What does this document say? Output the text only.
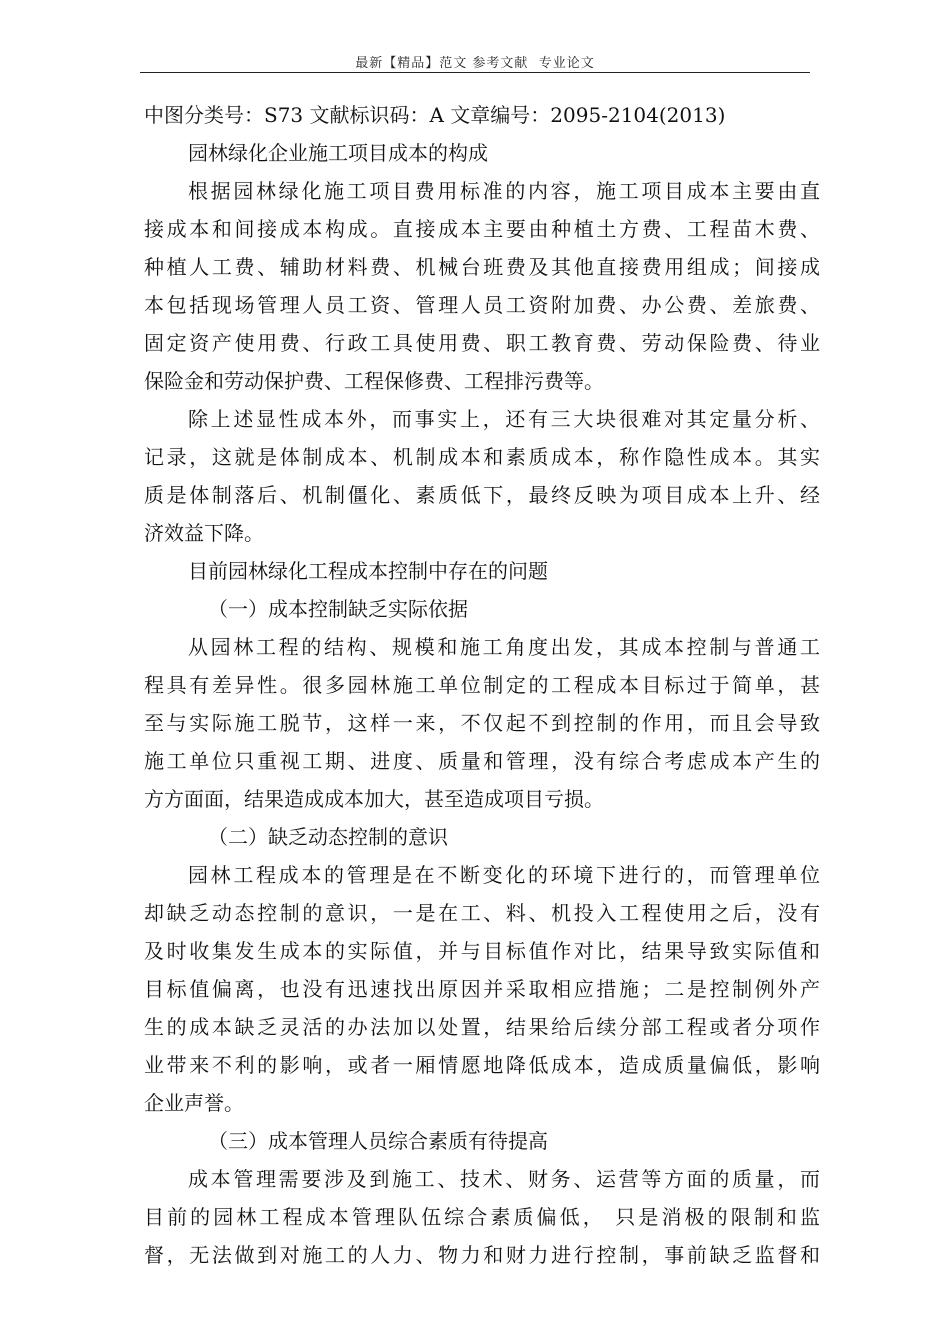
最新【精品】范文 参考文献  专业论文
中图分类号：S73 文献标识码：A 文章编号：2095-2104(2013)
园林绿化企业施工项目成本的构成
根据园林绿化施工项目费用标准的内容，施工项目成本主要由直
接成本和间接成本构成。直接成本主要由种植土方费、工程苗木费、
种植人工费、辅助材料费、机械台班费及其他直接费用组成；间接成
本包括现场管理人员工资、管理人员工资附加费、办公费、差旅费、
固定资产使用费、行政工具使用费、职工教育费、劳动保险费、待业
保险金和劳动保护费、工程保修费、工程排污费等。
除上述显性成本外，而事实上，还有三大块很难对其定量分析、
记录，这就是体制成本、机制成本和素质成本，称作隐性成本。其实
质是体制落后、机制僵化、素质低下，最终反映为项目成本上升、经
济效益下降。
目前园林绿化工程成本控制中存在的问题
（一）成本控制缺乏实际依据
从园林工程的结构、规模和施工角度出发，其成本控制与普通工
程具有差异性。很多园林施工单位制定的工程成本目标过于简单，甚
至与实际施工脱节，这样一来，不仅起不到控制的作用，而且会导致
施工单位只重视工期、进度、质量和管理，没有综合考虑成本产生的
方方面面，结果造成成本加大，甚至造成项目亏损。
（二）缺乏动态控制的意识
园林工程成本的管理是在不断变化的环境下进行的，而管理单位
却缺乏动态控制的意识，一是在工、料、机投入工程使用之后，没有
及时收集发生成本的实际值，并与目标值作对比，结果导致实际值和
目标值偏离，也没有迅速找出原因并采取相应措施；二是控制例外产
生的成本缺乏灵活的办法加以处置，结果给后续分部工程或者分项作
业带来不利的影响，或者一厢情愿地降低成本，造成质量偏低，影响
企业声誉。
（三）成本管理人员综合素质有待提高
成本管理需要涉及到施工、技术、财务、运营等方面的质量，而
目前的园林工程成本管理队伍综合素质偏低， 只是消极的限制和监
督，无法做到对施工的人力、物力和财力进行控制，事前缺乏监督和
